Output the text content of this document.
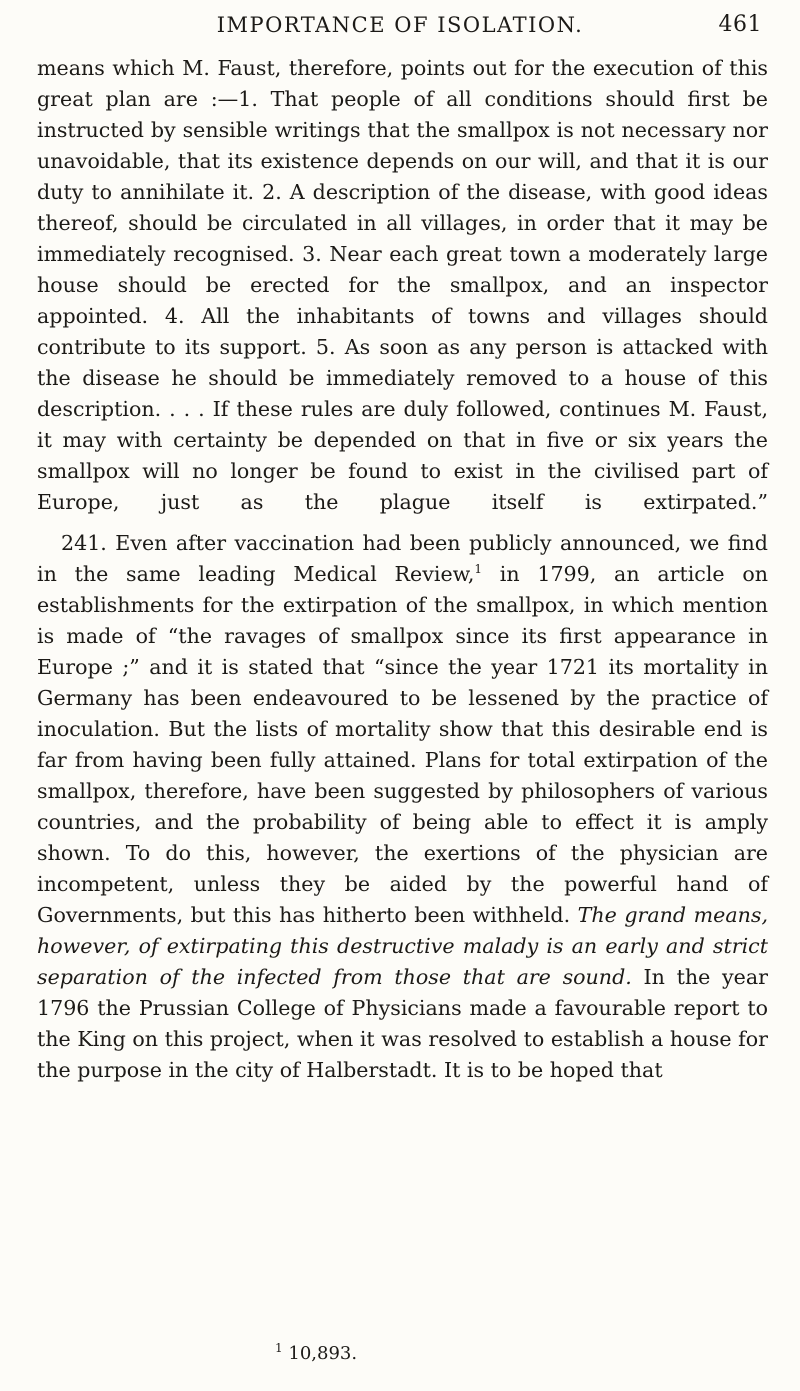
IMPORTANCE OF ISOLATION.	461

means which M. Faust, therefore, points out for the execution of this great plan are :—1. That people of all conditions should first be instructed by sensible writings that the smallpox is not necessary nor unavoidable, that its existence depends on our will, and that it is our duty to annihilate it. 2. A description of the disease, with good ideas thereof, should be circulated in all villages, in order that it may be immediately recognised. 3. Near each great town a moderately large house should be erected for the smallpox, and an inspector appointed. 4. All the inhabitants of towns and villages should contribute to its support. 5. As soon as any person is attacked with the disease he should be immediately removed to a house of this description. . . . If these rules are duly followed, continues M. Faust, it may with certainty be depended on that in five or six years the smallpox will no longer be found to exist in the civilised part of Europe, just as the plague itself is extirpated.”

241. Even after vaccination had been publicly announced, we find in the same leading Medical Review,$^1$ in 1799, an article on establishments for the extirpation of the smallpox, in which mention is made of “the ravages of smallpox since its first appearance in Europe ;” and it is stated that “since the year 1721 its mortality in Germany has been endeavoured to be lessened by the practice of inoculation. But the lists of mortality show that this desirable end is far from having been fully attained. Plans for total extirpation of the smallpox, therefore, have been suggested by philosophers of various countries, and the probability of being able to effect it is amply shown. To do this, however, the exertions of the physician are incompetent, unless they be aided by the powerful hand of Governments, but this has hitherto been withheld. The grand means, however, of extirpating this destructive malady is an early and strict separation of the infected from those that are sound. In the year 1796 the Prussian College of Physicians made a favourable report to the King on this project, when it was resolved to establish a house for the purpose in the city of Halberstadt. It is to be hoped that

$^1$ 10,893.
